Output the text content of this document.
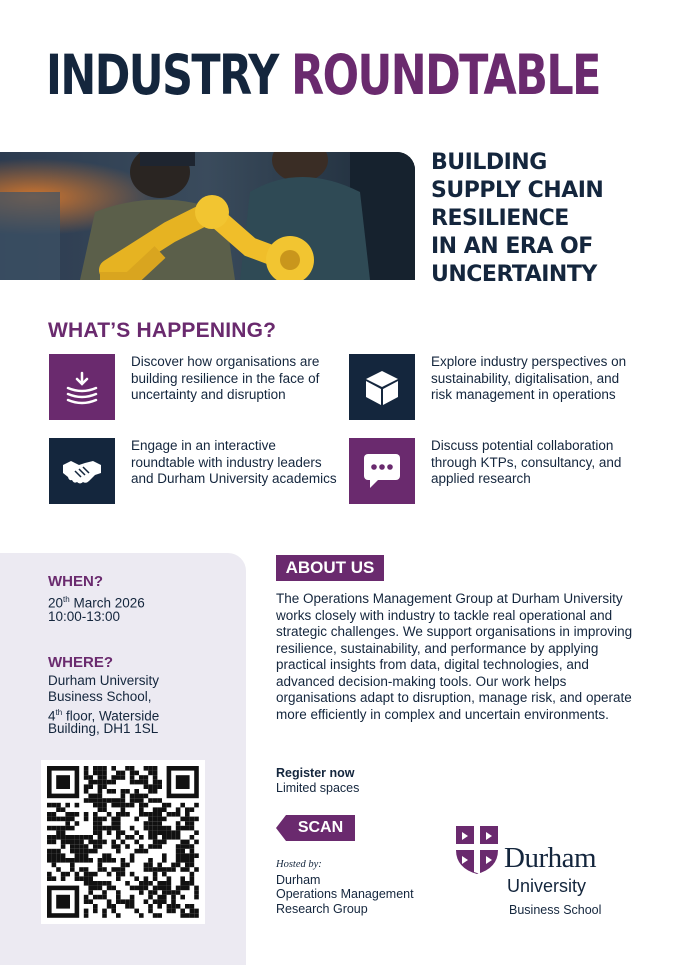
INDUSTRY ROUNDTABLE
BUILDING
SUPPLY CHAIN
RESILIENCE
IN AN ERA OF
UNCERTAINTY
WHAT’S HAPPENING?
Discover how organisations are building resilience in the face of uncertainty and disruption
Explore industry perspectives on sustainability, digitalisation, and risk management in operations
Engage in an interactive roundtable with industry leaders and Durham University academics
Discuss potential collaboration through KTPs, consultancy, and applied research
WHEN?
20th March 2026
10:00-13:00
WHERE?
Durham University
Business School,
4th floor, Waterside
Building, DH1 1SL
ABOUT US
The Operations Management Group at Durham University works closely with industry to tackle real operational and strategic challenges. We support organisations in improving resilience, sustainability, and performance by applying practical insights from data, digital technologies, and advanced decision-making tools. Our work helps organisations adapt to disruption, manage risk, and operate more efficiently in complex and uncertain environments.
Register now
Limited spaces
SCAN
Hosted by:
Durham
Operations Management
Research Group
Durham
University
Business School
